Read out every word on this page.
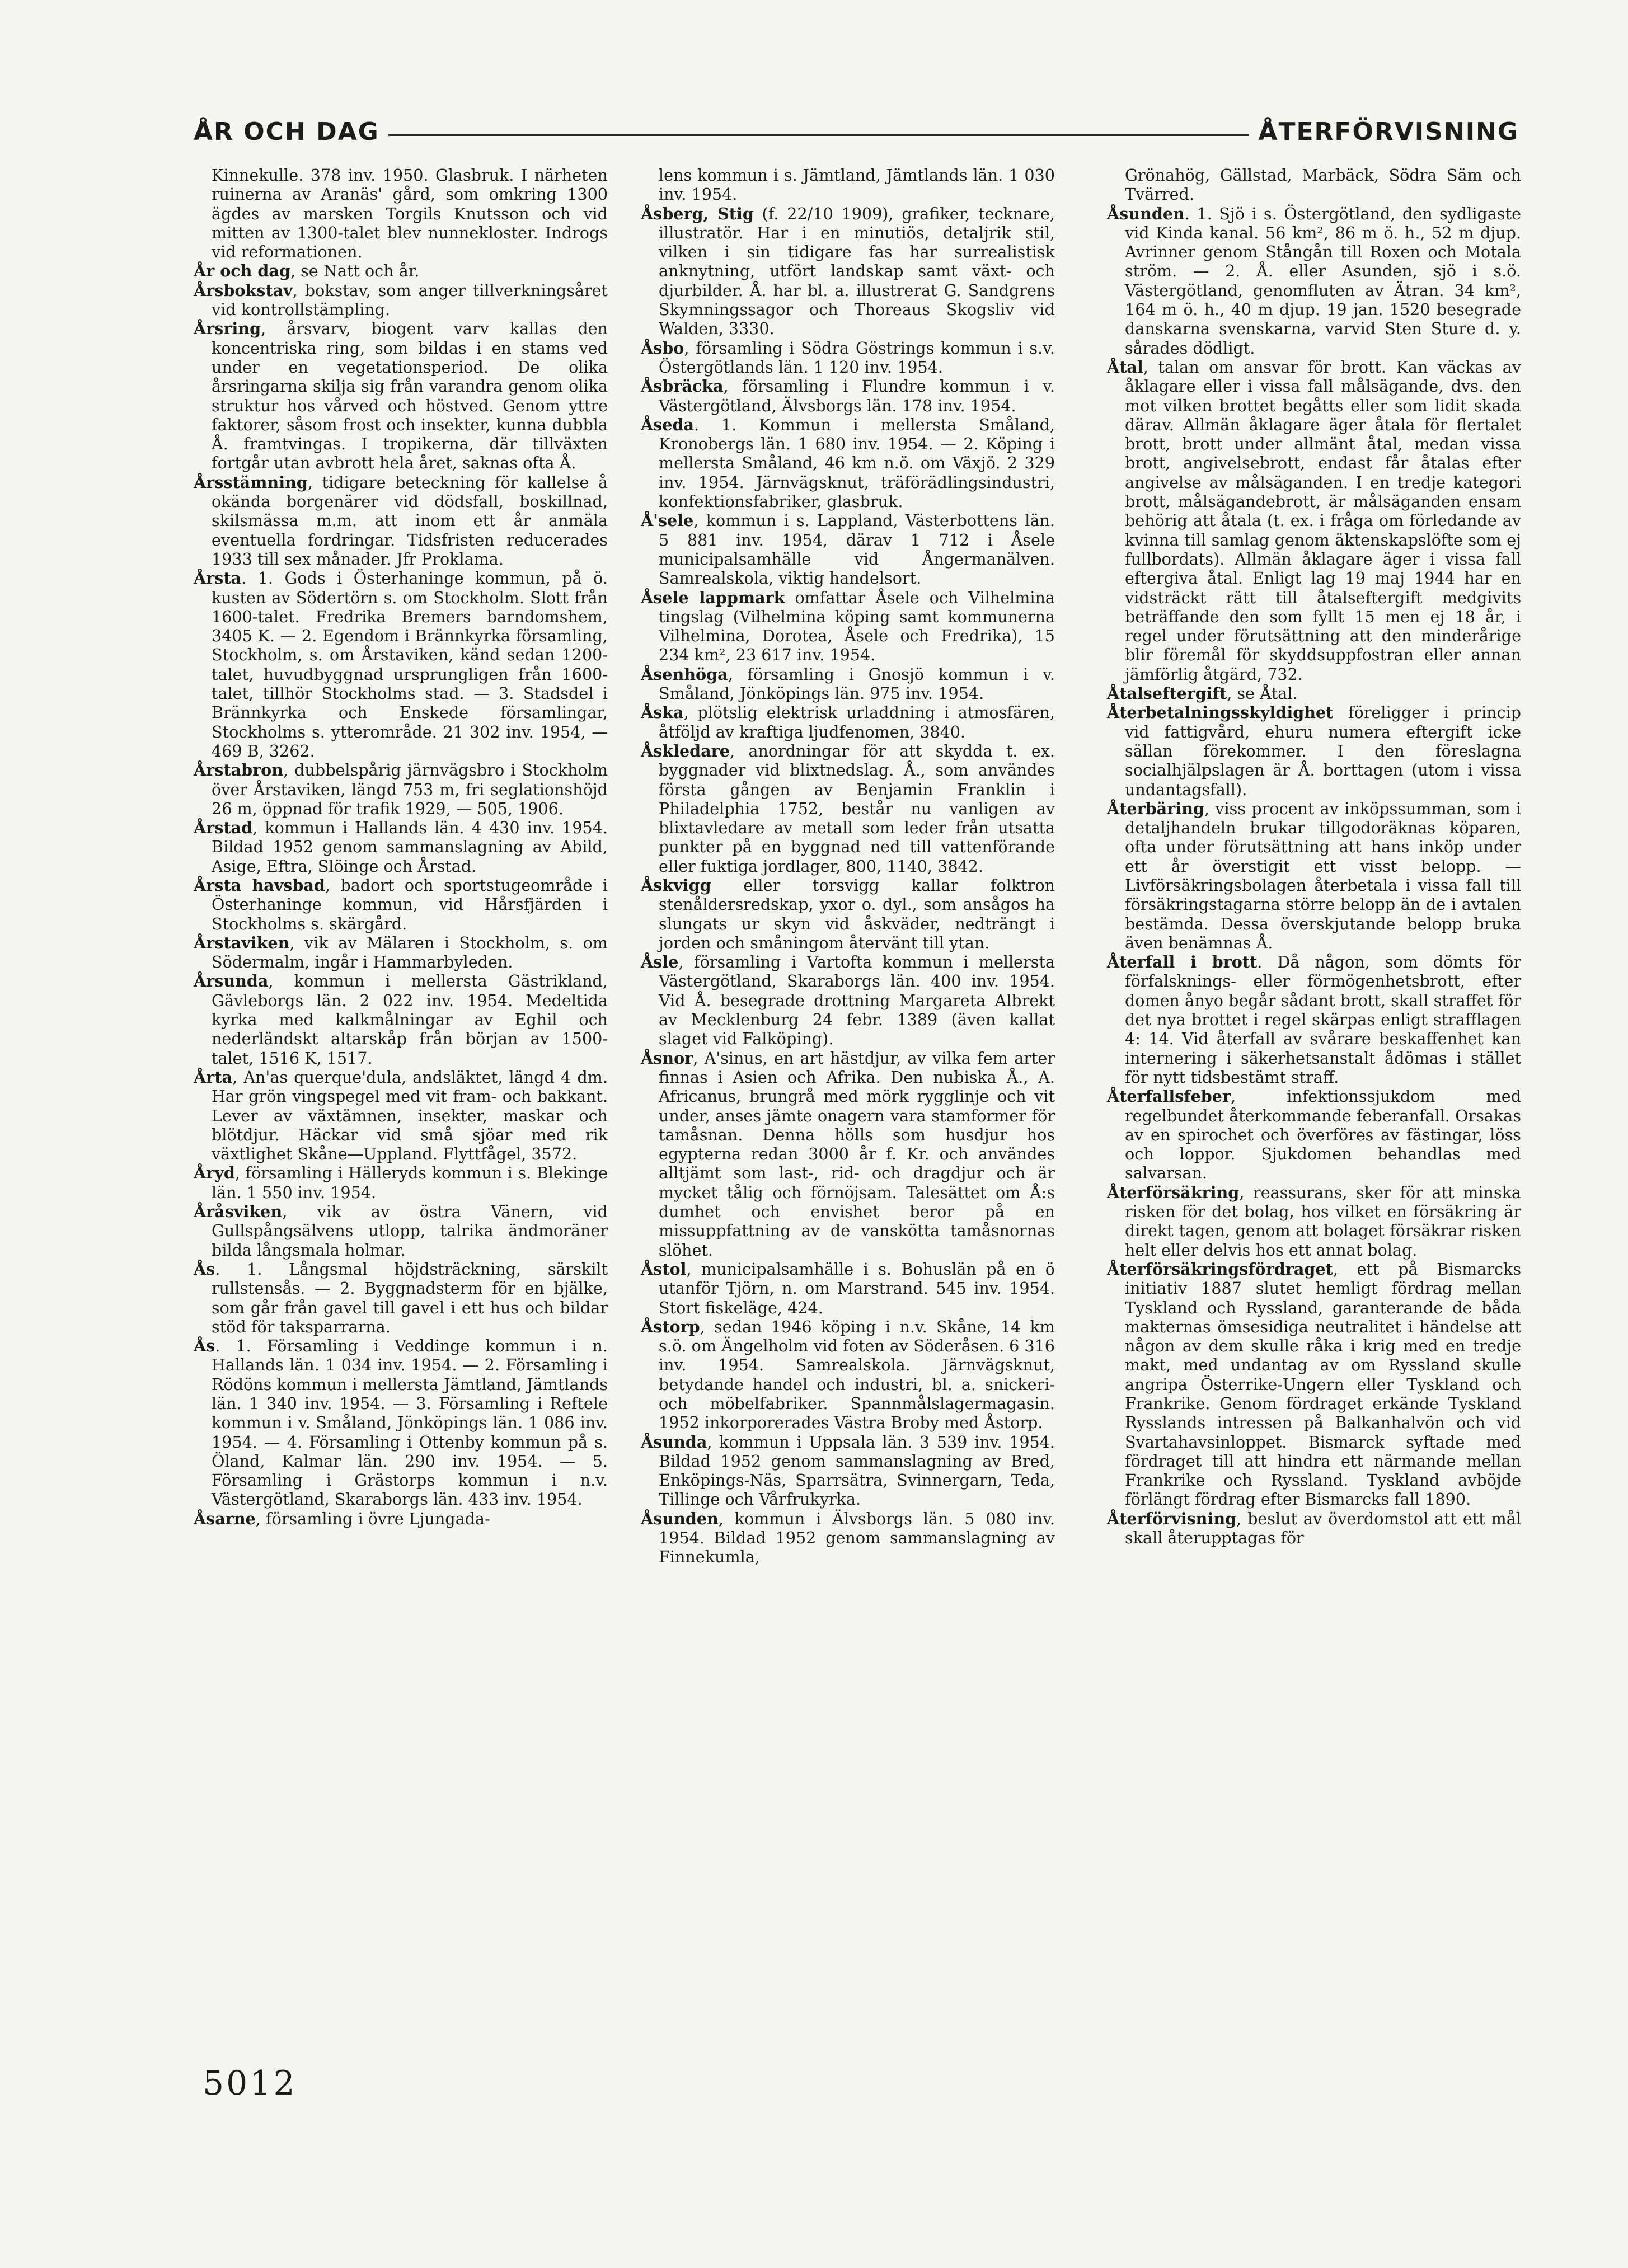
ÅR OCH DAG	ÅTERFÖRVISNING

Kinnekulle. 378 inv. 1950. Glasbruk. I närheten ruinerna av Aranäs' gård, som omkring 1300 ägdes av marsken Torgils Knutsson och vid mitten av 1300-talet blev nunnekloster. Indrogs vid reformationen.

År och dag, se Natt och år.

Årsbokstav, bokstav, som anger tillverkningsåret vid kontrollstämpling.

Årsring, årsvarv, biogent varv kallas den koncentriska ring, som bildas i en stams ved under en vegetationsperiod. De olika årsringarna skilja sig från varandra genom olika struktur hos vårved och höstved. Genom yttre faktorer, såsom frost och insekter, kunna dubbla Å. framtvingas. I tropikerna, där tillväxten fortgår utan avbrott hela året, saknas ofta Å.

Årsstämning, tidigare beteckning för kallelse å okända borgenärer vid dödsfall, boskillnad, skilsmässa m.m. att inom ett år anmäla eventuella fordringar. Tidsfristen reducerades 1933 till sex månader. Jfr Proklama.

Årsta. 1. Gods i Österhaninge kommun, på ö. kusten av Södertörn s. om Stockholm. Slott från 1600-talet. Fredrika Bremers barndomshem, 3405 K. — 2. Egendom i Brännkyrka församling, Stockholm, s. om Årstaviken, känd sedan 1200-talet, huvudbyggnad ursprungligen från 1600-talet, tillhör Stockholms stad. — 3. Stadsdel i Brännkyrka och Enskede församlingar, Stockholms s. ytterområde. 21 302 inv. 1954, — 469 B, 3262.

Årstabron, dubbelspårig järnvägsbro i Stockholm över Årstaviken, längd 753 m, fri seglationshöjd 26 m, öppnad för trafik 1929, — 505, 1906.

Årstad, kommun i Hallands län. 4 430 inv. 1954. Bildad 1952 genom sammanslagning av Abild, Asige, Eftra, Slöinge och Årstad.

Årsta havsbad, badort och sportstugeområde i Österhaninge kommun, vid Hårsfjärden i Stockholms s. skärgård.

Årstaviken, vik av Mälaren i Stockholm, s. om Södermalm, ingår i Hammarbyleden.

Årsunda, kommun i mellersta Gästrikland, Gävleborgs län. 2 022 inv. 1954. Medeltida kyrka med kalkmålningar av Eghil och nederländskt altarskåp från början av 1500-talet, 1516 K, 1517.

Årta, An'as querque'dula, andsläktet, längd 4 dm. Har grön vingspegel med vit fram- och bakkant. Lever av växtämnen, insekter, maskar och blötdjur. Häckar vid små sjöar med rik växtlighet Skåne—Uppland. Flyttfågel, 3572.

Åryd, församling i Hälleryds kommun i s. Blekinge län. 1 550 inv. 1954.

Åråsviken, vik av östra Vänern, vid Gullspångsälvens utlopp, talrika ändmoräner bilda långsmala holmar.

Ås. 1. Långsmal höjdsträckning, särskilt rullstensås. — 2. Byggnadsterm för en bjälke, som går från gavel till gavel i ett hus och bildar stöd för taksparrarna.

Ås. 1. Församling i Veddinge kommun i n. Hallands län. 1 034 inv. 1954. — 2. Församling i Rödöns kommun i mellersta Jämtland, Jämtlands län. 1 340 inv. 1954. — 3. Församling i Reftele kommun i v. Småland, Jönköpings län. 1 086 inv. 1954. — 4. Församling i Ottenby kommun på s. Öland, Kalmar län. 290 inv. 1954. — 5. Församling i Grästorps kommun i n.v. Västergötland, Skaraborgs län. 433 inv. 1954.

Åsarne, församling i övre Ljungada-

lens kommun i s. Jämtland, Jämtlands län. 1 030 inv. 1954.

Åsberg, Stig (f. 22/10 1909), grafiker, tecknare, illustratör. Har i en minutiös, detaljrik stil, vilken i sin tidigare fas har surrealistisk anknytning, utfört landskap samt växt- och djurbilder. Å. har bl. a. illustrerat G. Sandgrens Skymningssagor och Thoreaus Skogsliv vid Walden, 3330.

Åsbo, församling i Södra Göstrings kommun i s.v. Östergötlands län. 1 120 inv. 1954.

Åsbräcka, församling i Flundre kommun i v. Västergötland, Älvsborgs län. 178 inv. 1954.

Åseda. 1. Kommun i mellersta Småland, Kronobergs län. 1 680 inv. 1954. — 2. Köping i mellersta Småland, 46 km n.ö. om Växjö. 2 329 inv. 1954. Järnvägsknut, träförädlingsindustri, konfektionsfabriker, glasbruk.

Å'sele, kommun i s. Lappland, Västerbottens län. 5 881 inv. 1954, därav 1 712 i Åsele municipalsamhälle vid Ångermanälven. Samrealskola, viktig handelsort.

Åsele lappmark omfattar Åsele och Vilhelmina tingslag (Vilhelmina köping samt kommunerna Vilhelmina, Dorotea, Åsele och Fredrika), 15 234 km², 23 617 inv. 1954.

Åsenhöga, församling i Gnosjö kommun i v. Småland, Jönköpings län. 975 inv. 1954.

Åska, plötslig elektrisk urladdning i atmosfären, åtföljd av kraftiga ljudfenomen, 3840.

Åskledare, anordningar för att skydda t. ex. byggnader vid blixtnedslag. Å., som användes första gången av Benjamin Franklin i Philadelphia 1752, består nu vanligen av blixtavledare av metall som leder från utsatta punkter på en byggnad ned till vattenförande eller fuktiga jordlager, 800, 1140, 3842.

Åskvigg eller torsvigg kallar folktron stenåldersredskap, yxor o. dyl., som ansågos ha slungats ur skyn vid åskväder, nedträngt i jorden och småningom återvänt till ytan.

Åsle, församling i Vartofta kommun i mellersta Västergötland, Skaraborgs län. 400 inv. 1954. Vid Å. besegrade drottning Margareta Albrekt av Mecklenburg 24 febr. 1389 (även kallat slaget vid Falköping).

Åsnor, A'sinus, en art hästdjur, av vilka fem arter finnas i Asien och Afrika. Den nubiska Å., A. Africanus, brungrå med mörk rygglinje och vit under, anses jämte onagern vara stamformer för tamåsnan. Denna hölls som husdjur hos egypterna redan 3000 år f. Kr. och användes alltjämt som last-, rid- och dragdjur och är mycket tålig och förnöjsam. Talesättet om Å:s dumhet och envishet beror på en missuppfattning av de vanskötta tamåsnornas slöhet.

Åstol, municipalsamhälle i s. Bohuslän på en ö utanför Tjörn, n. om Marstrand. 545 inv. 1954. Stort fiskeläge, 424.

Åstorp, sedan 1946 köping i n.v. Skåne, 14 km s.ö. om Ängelholm vid foten av Söderåsen. 6 316 inv. 1954. Samrealskola. Järnvägsknut, betydande handel och industri, bl. a. snickeri- och möbelfabriker. Spannmålslagermagasin. 1952 inkorporerades Västra Broby med Åstorp.

Åsunda, kommun i Uppsala län. 3 539 inv. 1954. Bildad 1952 genom sammanslagning av Bred, Enköpings-Näs, Sparrsätra, Svinnergarn, Teda, Tillinge och Vårfrukyrka.

Åsunden, kommun i Älvsborgs län. 5 080 inv. 1954. Bildad 1952 genom sammanslagning av Finnekumla,

Grönahög, Gällstad, Marbäck, Södra Säm och Tvärred.

Åsunden. 1. Sjö i s. Östergötland, den sydligaste vid Kinda kanal. 56 km², 86 m ö. h., 52 m djup. Avrinner genom Stångån till Roxen och Motala ström. — 2. Å. eller Asunden, sjö i s.ö. Västergötland, genomfluten av Ätran. 34 km², 164 m ö. h., 40 m djup. 19 jan. 1520 besegrade danskarna svenskarna, varvid Sten Sture d. y. sårades dödligt.

Åtal, talan om ansvar för brott. Kan väckas av åklagare eller i vissa fall målsägande, dvs. den mot vilken brottet begåtts eller som lidit skada därav. Allmän åklagare äger åtala för flertalet brott, brott under allmänt åtal, medan vissa brott, angivelsebrott, endast får åtalas efter angivelse av målsäganden. I en tredje kategori brott, målsägandebrott, är målsäganden ensam behörig att åtala (t. ex. i fråga om förledande av kvinna till samlag genom äktenskapslöfte som ej fullbordats). Allmän åklagare äger i vissa fall eftergiva åtal. Enligt lag 19 maj 1944 har en vidsträckt rätt till åtalseftergift medgivits beträffande den som fyllt 15 men ej 18 år, i regel under förutsättning att den minderårige blir föremål för skyddsuppfostran eller annan jämförlig åtgärd, 732.

Åtalseftergift, se Åtal.

Återbetalningsskyldighet föreligger i princip vid fattigvård, ehuru numera eftergift icke sällan förekommer. I den föreslagna socialhjälpslagen är Å. borttagen (utom i vissa undantagsfall).

Återbäring, viss procent av inköpssumman, som i detaljhandeln brukar tillgodoräknas köparen, ofta under förutsättning att hans inköp under ett år överstigit ett visst belopp. — Livförsäkringsbolagen återbetala i vissa fall till försäkringstagarna större belopp än de i avtalen bestämda. Dessa överskjutande belopp bruka även benämnas Å.

Återfall i brott. Då någon, som dömts för förfalsknings- eller förmögenhetsbrott, efter domen ånyo begår sådant brott, skall straffet för det nya brottet i regel skärpas enligt strafflagen 4: 14. Vid återfall av svårare beskaffenhet kan internering i säkerhetsanstalt ådömas i stället för nytt tidsbestämt straff.

Återfallsfeber, infektionssjukdom med regelbundet återkommande feberanfall. Orsakas av en spirochet och överföres av fästingar, löss och loppor. Sjukdomen behandlas med salvarsan.

Återförsäkring, reassurans, sker för att minska risken för det bolag, hos vilket en försäkring är direkt tagen, genom att bolaget försäkrar risken helt eller delvis hos ett annat bolag.

Återförsäkringsfördraget, ett på Bismarcks initiativ 1887 slutet hemligt fördrag mellan Tyskland och Ryssland, garanterande de båda makternas ömsesidiga neutralitet i händelse att någon av dem skulle råka i krig med en tredje makt, med undantag av om Ryssland skulle angripa Österrike-Ungern eller Tyskland och Frankrike. Genom fördraget erkände Tyskland Rysslands intressen på Balkanhalvön och vid Svartahavsinloppet. Bismarck syftade med fördraget till att hindra ett närmande mellan Frankrike och Ryssland. Tyskland avböjde förlängt fördrag efter Bismarcks fall 1890.

Återförvisning, beslut av överdomstol att ett mål skall återupptagas för

5012
